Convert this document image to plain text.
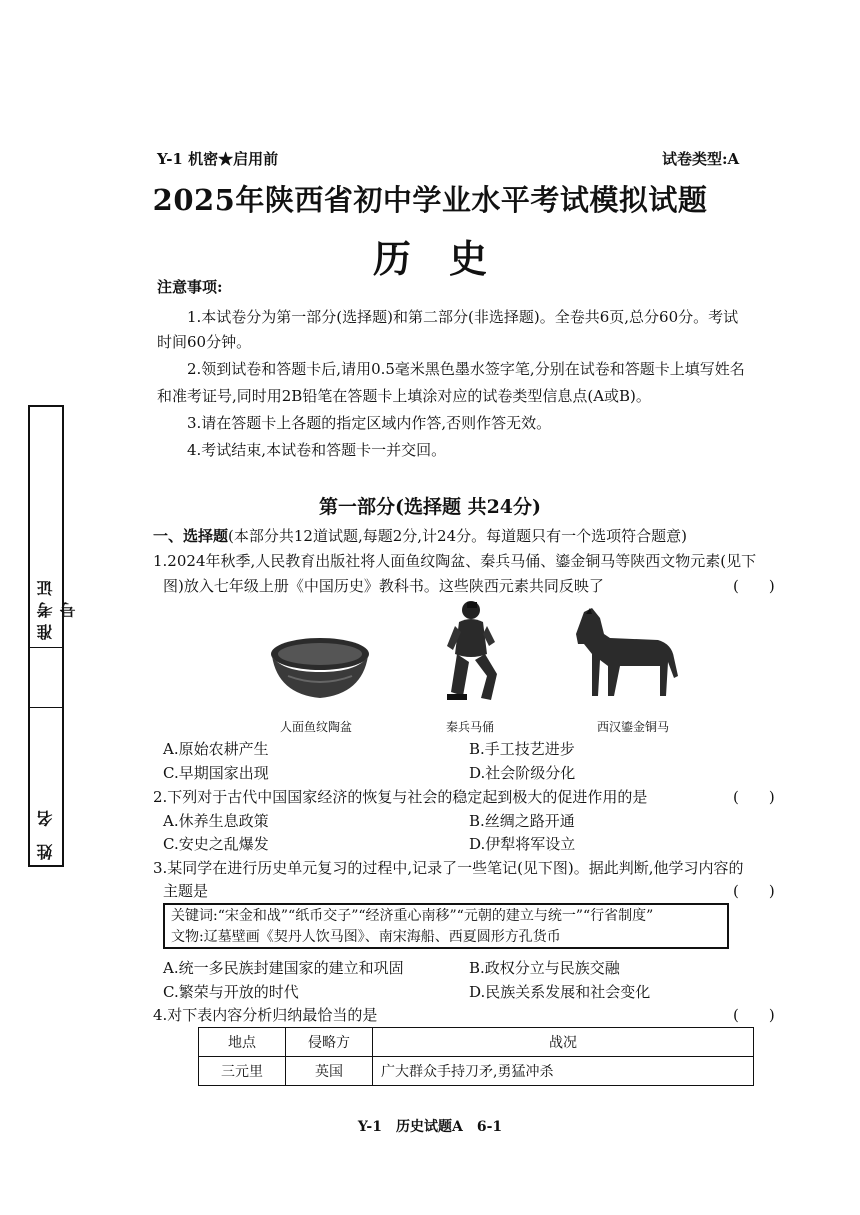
Y-1 机密★启用前	试卷类型:A
2025年陕西省初中学业水平考试模拟试题
历　史
注意事项:
1.本试卷分为第一部分(选择题)和第二部分(非选择题)。全卷共6页,总分60分。考试
时间60分钟。
2.领到试卷和答题卡后,请用0.5毫米黑色墨水签字笔,分别在试卷和答题卡上填写姓名
和准考证号,同时用2B铅笔在答题卡上填涂对应的试卷类型信息点(A或B)。
3.请在答题卡上各题的指定区域内作答,否则作答无效。
4.考试结束,本试卷和答题卡一并交回。
准考证号
姓 名
第一部分(选择题 共24分)
一、选择题(本部分共12道试题,每题2分,计24分。每道题只有一个选项符合题意)
1.2024年秋季,人民教育出版社将人面鱼纹陶盆、秦兵马俑、鎏金铜马等陕西文物元素(见下
图)放入七年级上册《中国历史》教科书。这些陕西元素共同反映了	(　　)
人面鱼纹陶盆	秦兵马俑	西汉鎏金铜马
A.原始农耕产生	B.手工技艺进步
C.早期国家出现	D.社会阶级分化
2.下列对于古代中国国家经济的恢复与社会的稳定起到极大的促进作用的是	(　　)
A.休养生息政策	B.丝绸之路开通
C.安史之乱爆发	D.伊犁将军设立
3.某同学在进行历史单元复习的过程中,记录了一些笔记(见下图)。据此判断,他学习内容的
主题是	(　　)
关键词:“宋金和战”“纸币交子”“经济重心南移”“元朝的建立与统一”“行省制度”
文物:辽墓壁画《契丹人饮马图》、南宋海船、西夏圆形方孔货币
A.统一多民族封建国家的建立和巩固	B.政权分立与民族交融
C.繁荣与开放的时代	D.民族关系发展和社会变化
4.对下表内容分析归纳最恰当的是	(　　)
地点	侵略方	战况
三元里	英国	广大群众手持刀矛,勇猛冲杀
Y-1　历史试题A　6-1
